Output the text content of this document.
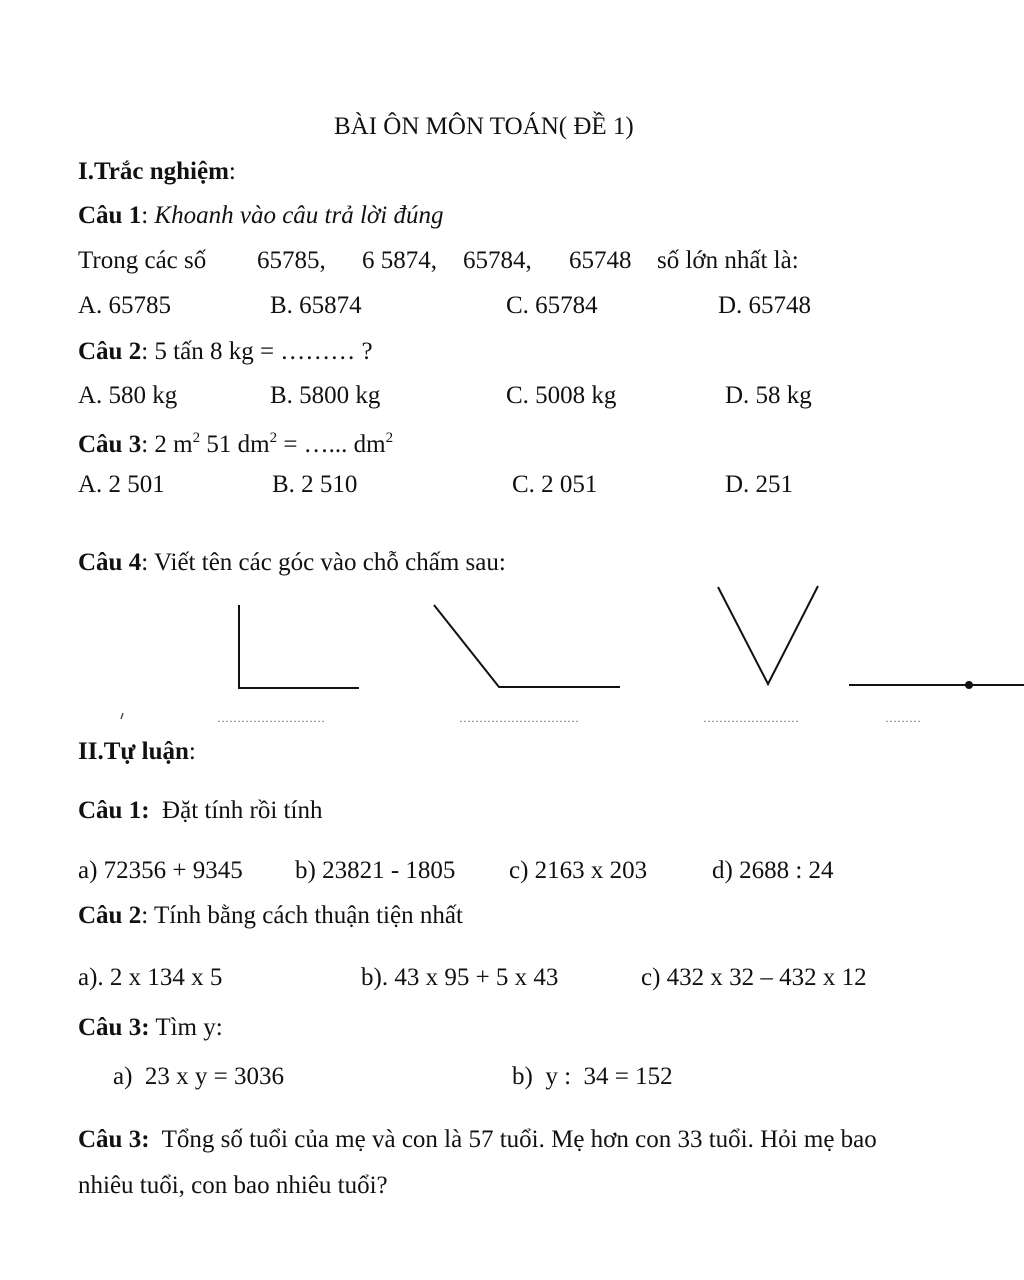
BÀI ÔN MÔN TOÁN( ĐỀ 1)
I.Trắc nghiệm:
Câu 1: Khoanh vào câu trả lời đúng
Trong các số 65785, 6 5874, 65784, 65748 số lớn nhất là:
A. 65785	B. 65874	C. 65784	D. 65748
Câu 2: 5 tấn 8 kg = ……… ?
A. 580 kg	B. 5800 kg	C. 5008 kg	D. 58 kg
Câu 3: 2 $m^2$ 51 $dm^2$ = …... $dm^2$
A. 2 501	B. 2 510	C. 2 051	D. 251
Câu 4: Viết tên các góc vào chỗ chấm sau:
………………………	…………………………	……………………	………
II.Tự luận:
Câu 1:  Đặt tính rồi tính
a) 72356 + 9345 b) 23821 - 1805 c) 2163 x 203	d) 2688 : 24
Câu 2: Tính bằng cách thuận tiện nhất
a). 2 x 134 x 5	b). 43 x 95 + 5 x 43	c) 432 x 32 – 432 x 12
Câu 3: Tìm y:
a)  23 x y = 3036	b)  y :  34 = 152
Câu 3:  Tổng số tuổi của mẹ và con là 57 tuổi. Mẹ hơn con 33 tuổi. Hỏi mẹ bao
nhiêu tuổi, con bao nhiêu tuổi?
